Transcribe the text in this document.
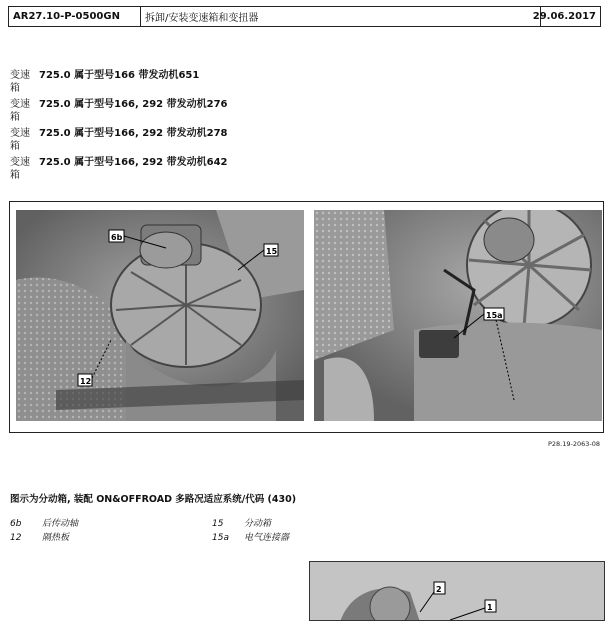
AR27.10-P-0500GN	拆卸/安装变速箱和变扭器	29.06.2017
变速箱
725.0 属于型号166 带发动机651
变速箱
725.0 属于型号166, 292 带发动机276
变速箱
725.0 属于型号166, 292 带发动机278
变速箱
725.0 属于型号166, 292 带发动机642
6b
15
12
15a
P28.19-2063-08
图示为分动箱, 装配 ON&OFFROAD 多路况适应系统/代码 (430)
6b 后传动轴
12 隔热板
15 分动箱
15a 电气连接器
2
1
